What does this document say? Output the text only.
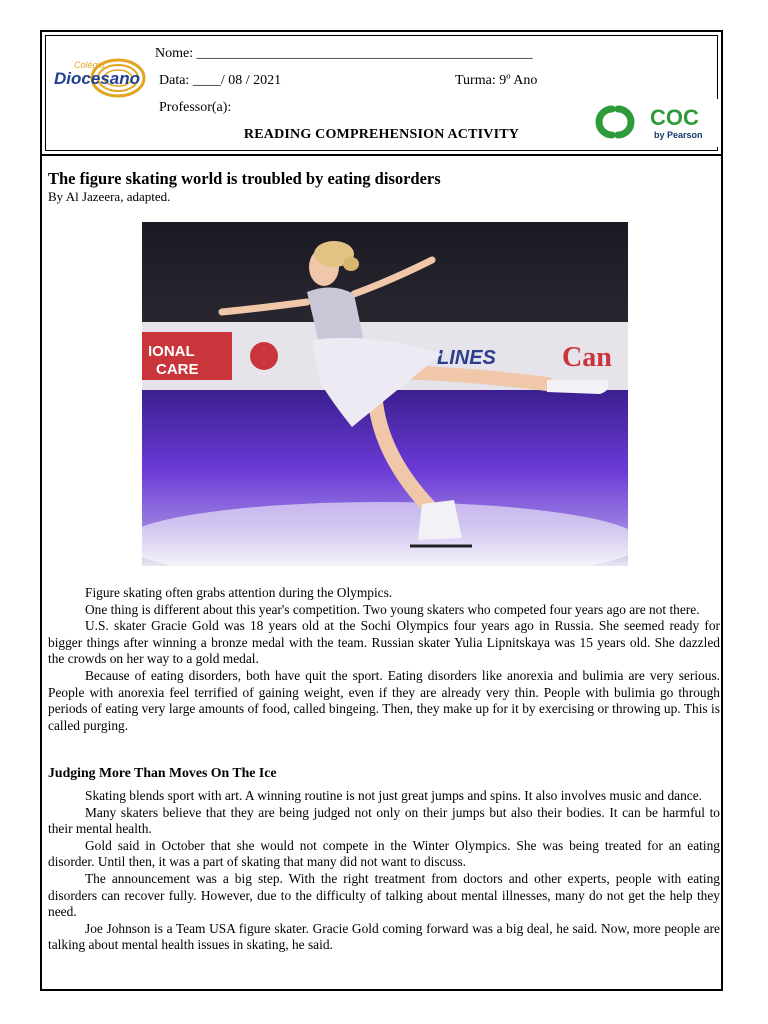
Colégio
Diocesano
Nome: ________________________________________________
Data: ____/ 08 / 2021	Turma: 9º Ano
Professor(a):
READING COMPREHENSION ACTIVITY
COC
by Pearson
The figure skating world is troubled by eating disorders
By Al Jazeera, adapted.
IONAL
CARE
LINES Can

Figure skating often grabs attention during the Olympics.

One thing is different about this year's competition. Two young skaters who competed four years ago are not there.

U.S. skater Gracie Gold was 18 years old at the Sochi Olympics four years ago in Russia. She seemed ready for bigger things after winning a bronze medal with the team. Russian skater Yulia Lipnitskaya was 15 years old. She dazzled the crowds on her way to a gold medal.

Because of eating disorders, both have quit the sport. Eating disorders like anorexia and bulimia are very serious. People with anorexia feel terrified of gaining weight, even if they are already very thin. People with bulimia go through periods of eating very large amounts of food, called bingeing. Then, they make up for it by exercising or throwing up. This is called purging.

Judging More Than Moves On The Ice

Skating blends sport with art. A winning routine is not just great jumps and spins. It also involves music and dance.

Many skaters believe that they are being judged not only on their jumps but also their bodies. It can be harmful to their mental health.

Gold said in October that she would not compete in the Winter Olympics. She was being treated for an eating disorder. Until then, it was a part of skating that many did not want to discuss.

The announcement was a big step. With the right treatment from doctors and other experts, people with eating disorders can recover fully. However, due to the difficulty of talking about mental illnesses, many do not get the help they need.

Joe Johnson is a Team USA figure skater. Gracie Gold coming forward was a big deal, he said. Now, more people are talking about mental health issues in skating, he said.
